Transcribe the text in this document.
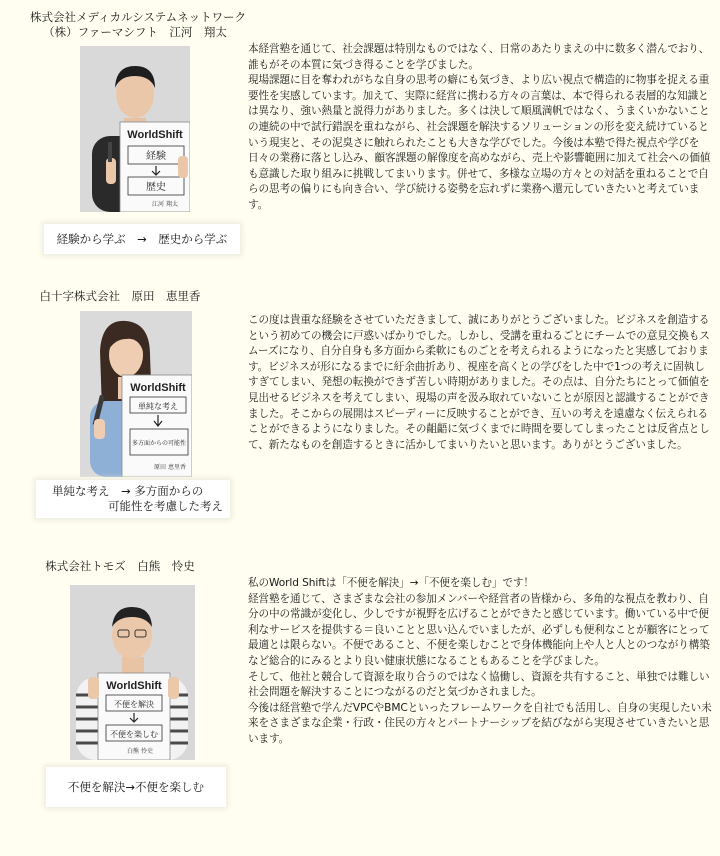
株式会社メディカルシステムネットワーク
（株）ファーマシフト　江河　翔太
WorldShift
経験
歴史
江河 翔太
経験から学ぶ　→　歴史から学ぶ

本経営塾を通じて、社会課題は特別なものではなく、日常のあたりまえの中に数多く潜んでおり、誰もがその本質に気づき得ることを学びました。

現場課題に目を奪われがちな自身の思考の癖にも気づき、より広い視点で構造的に物事を捉える重要性を実感しています。加えて、実際に経営に携わる方々の言葉は、本で得られる表層的な知識とは異なり、強い熱量と説得力がありました。多くは決して順風満帆ではなく、うまくいかないことの連続の中で試行錯誤を重ねながら、社会課題を解決するソリューションの形を変え続けているという現実と、その泥臭さに触れられたことも大きな学びでした。今後は本塾で得た視点や学びを日々の業務に落とし込み、顧客課題の解像度を高めながら、売上や影響範囲に加えて社会への価値も意識した取り組みに挑戦してまいります。併せて、多様な立場の方々との対話を重ねることで自らの思考の偏りにも向き合い、学び続ける姿勢を忘れずに業務へ還元していきたいと考えています。

白十字株式会社　原田　恵里香
WorldShift
単純な考え
多方面からの可能性
原田 恵里香
単純な考え　→ 多方面からの
可能性を考慮した考え

この度は貴重な経験をさせていただきまして、誠にありがとうございました。ビジネスを創造するという初めての機会に戸惑いばかりでした。しかし、受講を重ねるごとにチームでの意見交換もスムーズになり、自分自身も多方面から柔軟にものごとを考えられるようになったと実感しております。ビジネスが形になるまでに紆余曲折あり、視座を高くとの学びをした中で1つの考えに固執しすぎてしまい、発想の転換ができず苦しい時期がありました。その点は、自分たちにとって価値を見出せるビジネスを考えてしまい、現場の声を汲み取れていないことが原因と認識することができました。そこからの展開はスピーディーに反映することができ、互いの考えを遠慮なく伝えられることができるようになりました。その齟齬に気づくまでに時間を要してしまったことは反省点として、新たなものを創造するときに活かしてまいりたいと思います。ありがとうございました。

株式会社トモズ　白熊　怜史
WorldShift
不便を解決
不便を楽しむ
白熊 怜史
不便を解決→不便を楽しむ

私のWorld Shiftは「不便を解決」→「不便を楽しむ」です！

経営塾を通じて、さまざまな会社の参加メンバーや経営者の皆様から、多角的な視点を教わり、自分の中の常識が変化し、少しですが視野を広げることができたと感じています。働いている中で便利なサービスを提供する＝良いことと思い込んでいましたが、必ずしも便利なことが顧客にとって最適とは限らない。不便であること、不便を楽しむことで身体機能向上や人と人とのつながり構築など総合的にみるとより良い健康状態になることもあることを学びました。

そして、他社と競合して資源を取り合うのではなく協働し、資源を共有すること、単独では難しい社会問題を解決することにつながるのだと気づかされました。

今後は経営塾で学んだVPCやBMCといったフレームワークを自社でも活用し、自身の実現したい未来をさまざまな企業・行政・住民の方々とパートナーシップを結びながら実現させていきたいと思います。
